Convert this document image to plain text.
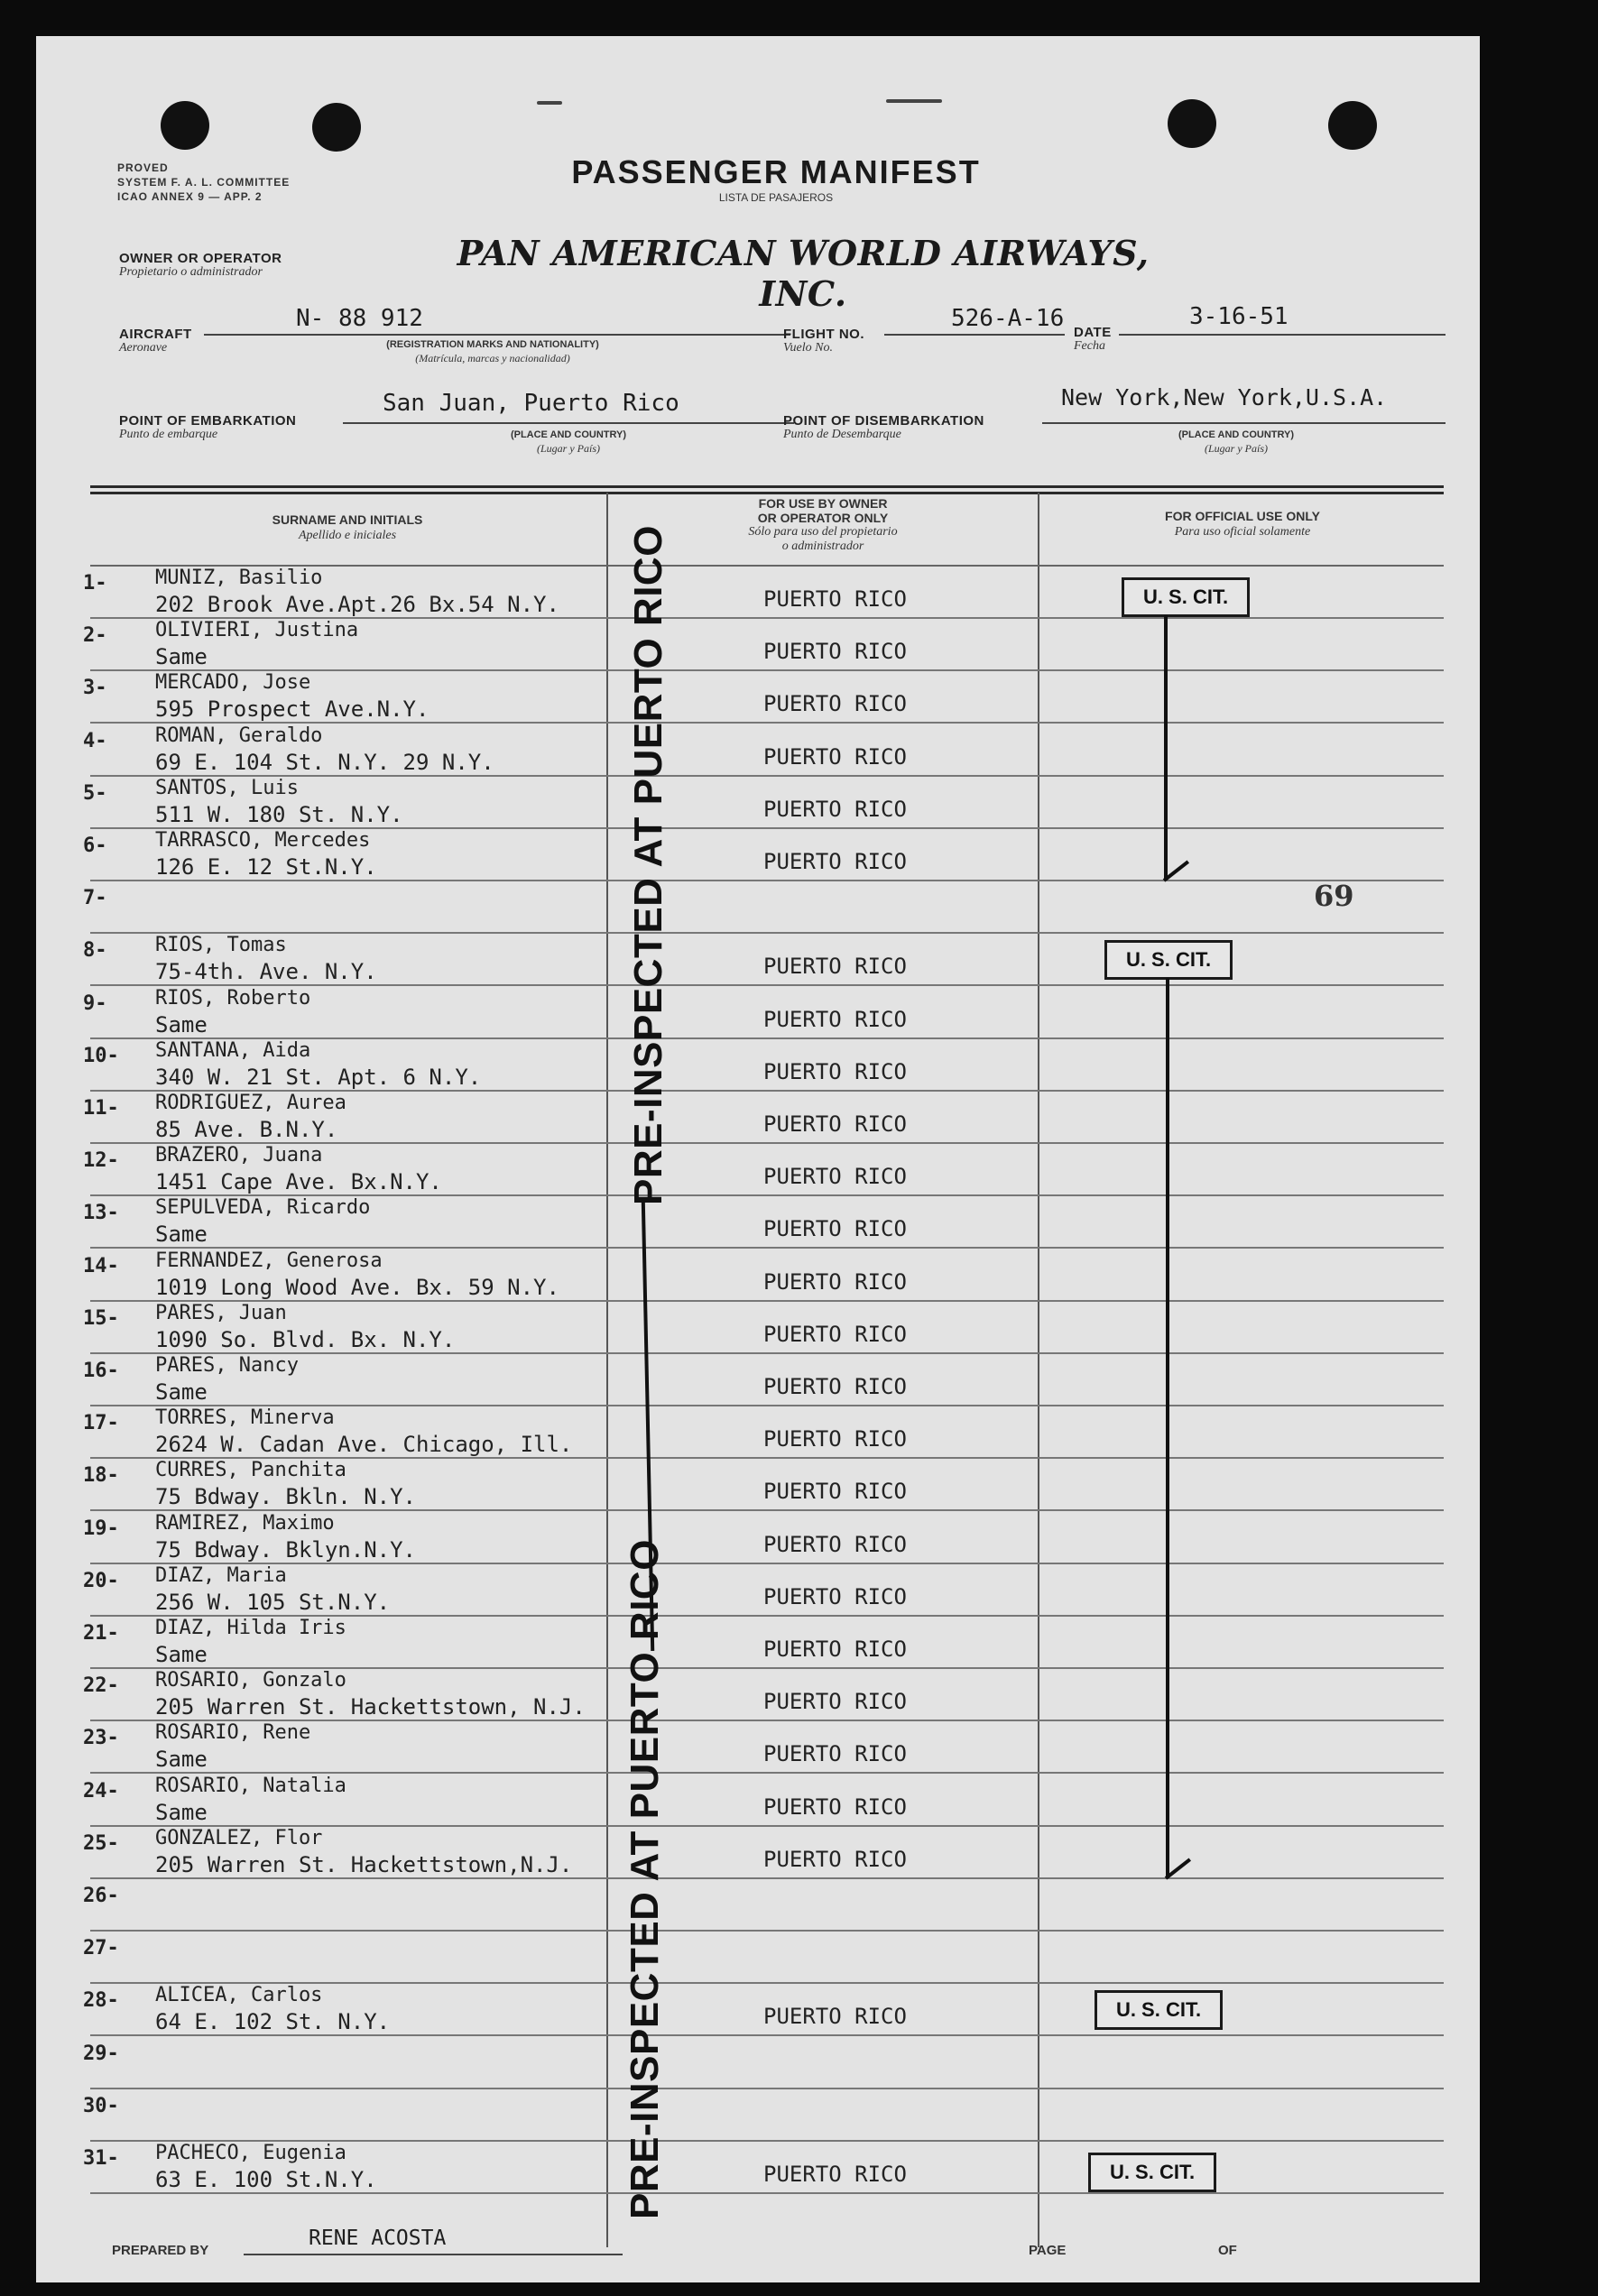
PROVED
SYSTEM F. A. L. COMMITTEE
ICAO ANNEX 9 — APP. 2
PASSENGER MANIFEST
LISTA DE PASAJEROS
OWNER OR OPERATOR
Propietario o administrador	PAN AMERICAN WORLD AIRWAYS, INC.
AIRCRAFT
Aeronave
N- 88 912
(REGISTRATION MARKS AND NATIONALITY)
(Matrícula, marcas y nacionalidad)
FLIGHT NO.
Vuelo No.
526-A-16
DATE
Fecha
3-16-51
POINT OF EMBARKATION
Punto de embarque
San Juan, Puerto Rico
(PLACE AND COUNTRY)
(Lugar y País)
POINT OF DISEMBARKATION
Punto de Desembarque
New York,New York,U.S.A.
(PLACE AND COUNTRY)
(Lugar y País)
SURNAME AND INITIALS
Apellido e iniciales
FOR USE BY OWNER
OR OPERATOR ONLY
Sólo para uso del propietario
o administrador
FOR OFFICIAL USE ONLY
Para uso oficial solamente
1- MUNIZ, Basilio
202 Brook Ave.Apt.26 Bx.54 N.Y.	PUERTO RICO
2- OLIVIERI, Justina
Same	PUERTO RICO
3- MERCADO, Jose
595 Prospect Ave.N.Y.	PUERTO RICO
4- ROMAN, Geraldo
69 E. 104 St. N.Y. 29 N.Y.	PUERTO RICO
5- SANTOS, Luis
511 W. 180 St. N.Y.	PUERTO RICO
6- TARRASCO, Mercedes
126 E. 12 St.N.Y.	PUERTO RICO
7-
8- RIOS, Tomas
75-4th. Ave. N.Y.	PUERTO RICO
9- RIOS, Roberto
Same	PUERTO RICO
10- SANTANA, Aida
340 W. 21 St. Apt. 6 N.Y.	PUERTO RICO
11- RODRIGUEZ, Aurea
85 Ave. B.N.Y.	PUERTO RICO
12- BRAZERO, Juana
1451 Cape Ave. Bx.N.Y.	PUERTO RICO
13- SEPULVEDA, Ricardo
Same	PUERTO RICO
14- FERNANDEZ, Generosa
1019 Long Wood Ave. Bx. 59 N.Y.	PUERTO RICO
15- PARES, Juan
1090 So. Blvd. Bx. N.Y.	PUERTO RICO
16- PARES, Nancy
Same	PUERTO RICO
17- TORRES, Minerva
2624 W. Cadan Ave. Chicago, Ill.	PUERTO RICO
18- CURRES, Panchita
75 Bdway. Bkln. N.Y.	PUERTO RICO
19- RAMIREZ, Maximo
75 Bdway. Bklyn.N.Y.	PUERTO RICO
20- DIAZ, Maria
256 W. 105 St.N.Y.	PUERTO RICO
21- DIAZ, Hilda Iris
Same	PUERTO RICO
22- ROSARIO, Gonzalo
205 Warren St. Hackettstown, N.J.	PUERTO RICO
23- ROSARIO, Rene
Same	PUERTO RICO
24- ROSARIO, Natalia
Same	PUERTO RICO
25- GONZALEZ, Flor
205 Warren St. Hackettstown,N.J.	PUERTO RICO
26-
27-
28- ALICEA, Carlos
64 E. 102 St. N.Y.	PUERTO RICO
29-
30-
31- PACHECO, Eugenia
63 E. 100 St.N.Y.	PUERTO RICO
PRE-INSPECTED AT PUERTO RICO
PRE-INSPECTED AT PUERTO RICO
U. S. CIT.
69
U. S. CIT.
U. S. CIT.
U. S. CIT.
PREPARED BY
RENE ACOSTA
PAGE	OF
